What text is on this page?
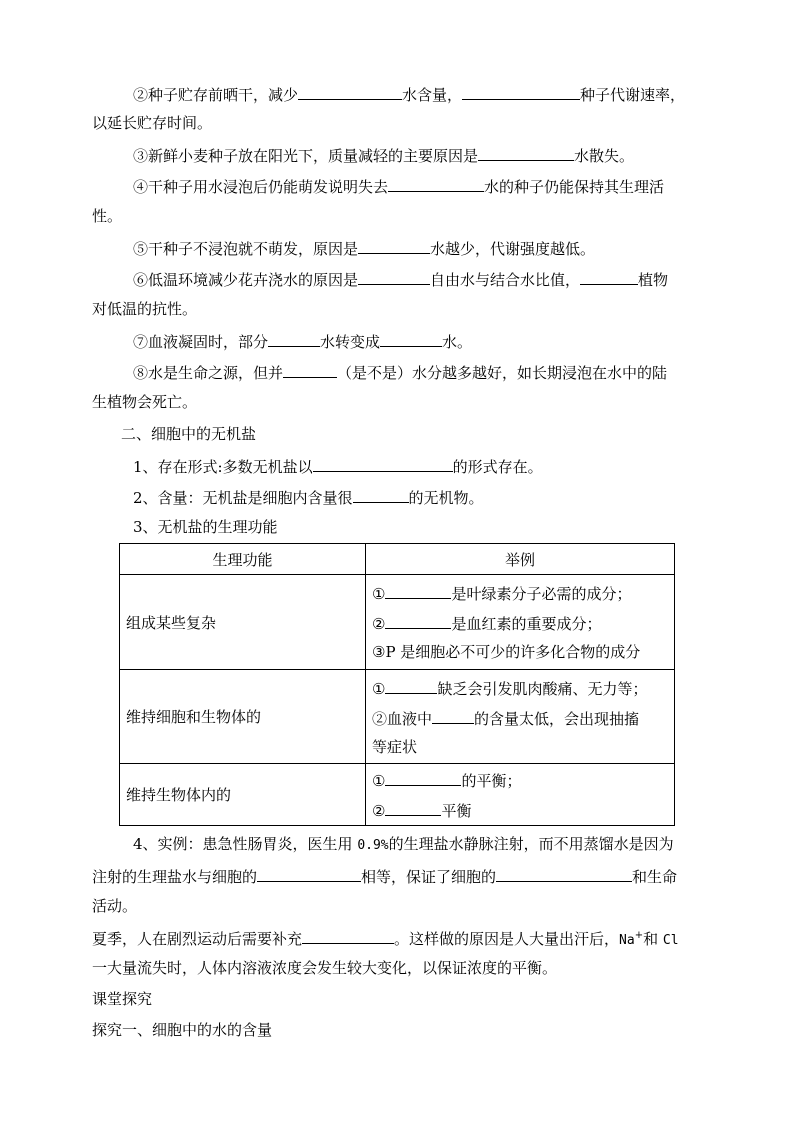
②种子贮存前晒干，减少	水含量，	种子代谢速率，
以延长贮存时间。
③新鲜小麦种子放在阳光下，质量减轻的主要原因是	水散失。
④干种子用水浸泡后仍能萌发说明失去	水的种子仍能保持其生理活
性。
⑤干种子不浸泡就不萌发，原因是	水越少，代谢强度越低。
⑥低温环境减少花卉浇水的原因是	自由水与结合水比值，	植物
对低温的抗性。
⑦血液凝固时，部分	水转变成	水。
⑧水是生命之源，但并	（是不是）水分越多越好，如长期浸泡在水中的陆
生植物会死亡。
二、细胞中的无机盐
1、存在形式:多数无机盐以	的形式存在。
2、含量：无机盐是细胞内含量很	的无机物。
3、无机盐的生理功能
生理功能	举例
组成某些复杂	① 是叶绿素分子必需的成分；
② 是血红素的重要成分；
③P 是细胞必不可少的许多化合物的成分

维持细胞和生物体的	① 缺乏会引发肌肉酸痛、无力等；
②血液中 的含量太低，会出现抽搐
等症状

维持生物体内的	① 的平衡；
② 平衡
4、实例：患急性肠胃炎，医生用 0.9%的生理盐水静脉注射，而不用蒸馏水是因为
注射的生理盐水与细胞的	相等，保证了细胞的	和生命
活动。
夏季，人在剧烈运动后需要补充	。这样做的原因是人大量出汗后，Na+和 Cl
一大量流失时，人体内溶液浓度会发生较大变化，以保证浓度的平衡。
课堂探究
探究一、细胞中的水的含量
